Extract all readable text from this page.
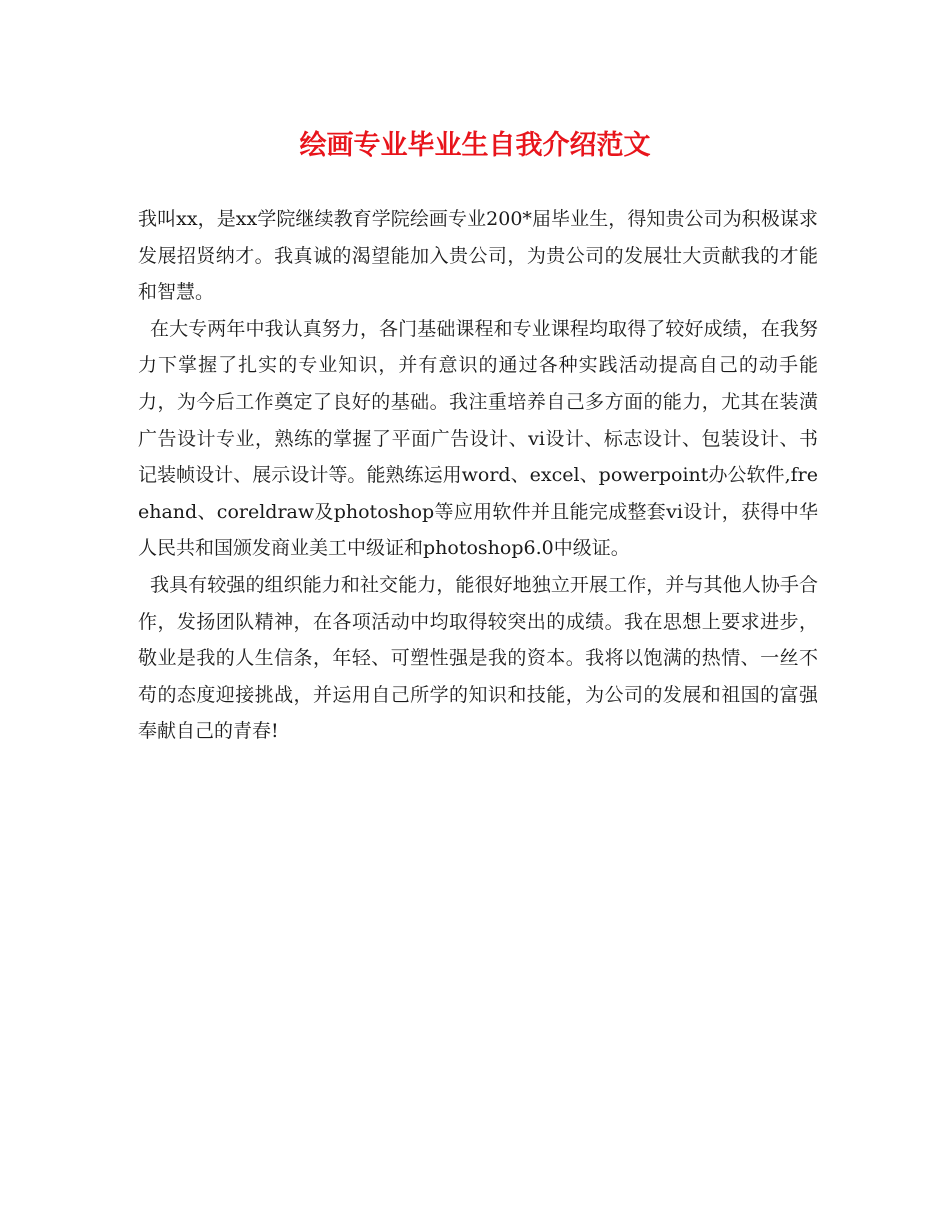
绘画专业毕业生自我介绍范文

我叫xx，是xx学院继续教育学院绘画专业200*届毕业生，得知贵公司为积极谋求发展招贤纳才。我真诚的渴望能加入贵公司，为贵公司的发展壮大贡献我的才能和智慧。

在大专两年中我认真努力，各门基础课程和专业课程均取得了较好成绩，在我努力下掌握了扎实的专业知识，并有意识的通过各种实践活动提高自己的动手能力，为今后工作奠定了良好的基础。我注重培养自己多方面的能力，尤其在装潢广告设计专业，熟练的掌握了平面广告设计、vi设计、标志设计、包装设计、书记装帧设计、展示设计等。能熟练运用word、excel、powerpoint办公软件,freehand、coreldraw及photoshop等应用软件并且能完成整套vi设计，获得中华人民共和国颁发商业美工中级证和photoshop6.0中级证。

我具有较强的组织能力和社交能力，能很好地独立开展工作，并与其他人协手合作，发扬团队精神，在各项活动中均取得较突出的成绩。我在思想上要求进步，敬业是我的人生信条，年轻、可塑性强是我的资本。我将以饱满的热情、一丝不苟的态度迎接挑战，并运用自己所学的知识和技能，为公司的发展和祖国的富强奉献自己的青春!
